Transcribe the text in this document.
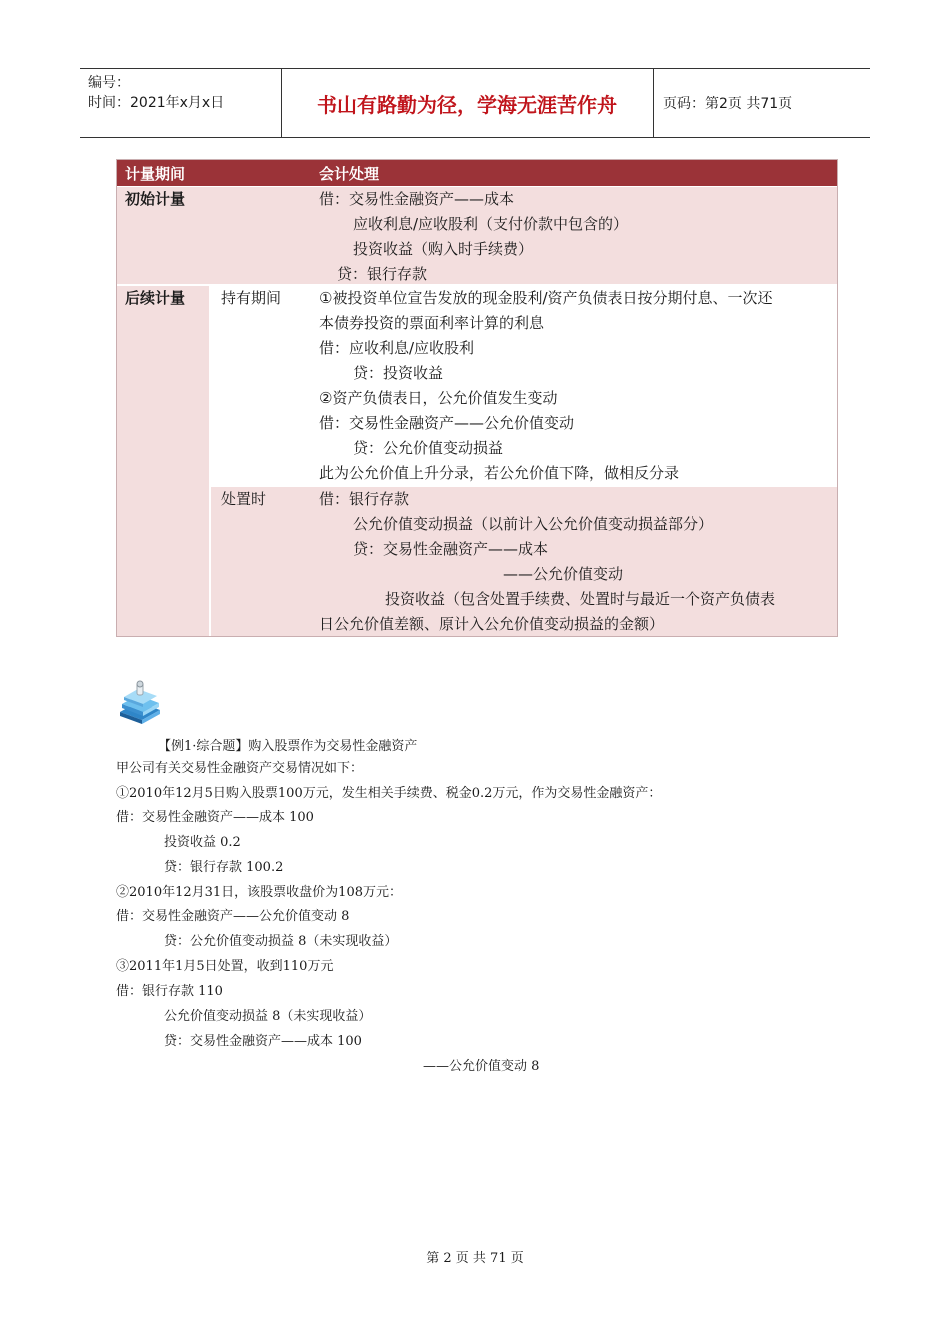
编号：
时间：2021年x月x日	书山有路勤为径，学海无涯苦作舟	页码：第2页 共71页
计量期间	会计处理
初始计量	借：交易性金融资产——成本
应收利息/应收股利（支付价款中包含的）
投资收益（购入时手续费）
贷：银行存款
后续计量 持有期间	①被投资单位宣告发放的现金股利/资产负债表日按分期付息、一次还
本债券投资的票面利率计算的利息
借：应收利息/应收股利
贷：投资收益
②资产负债表日，公允价值发生变动
借：交易性金融资产——公允价值变动
贷：公允价值变动损益
此为公允价值上升分录，若公允价值下降，做相反分录
处置时	借：银行存款
公允价值变动损益（以前计入公允价值变动损益部分）
贷：交易性金融资产——成本
——公允价值变动
投资收益（包含处置手续费、处置时与最近一个资产负债表
日公允价值差额、原计入公允价值变动损益的金额）
【例1·综合题】购入股票作为交易性金融资产
甲公司有关交易性金融资产交易情况如下：
①2010年12月5日购入股票100万元，发生相关手续费、税金0.2万元，作为交易性金融资产：
借：交易性金融资产——成本 100
投资收益 0.2
贷：银行存款 100.2
②2010年12月31日，该股票收盘价为108万元：
借：交易性金融资产——公允价值变动 8
贷：公允价值变动损益 8（未实现收益）
③2011年1月5日处置，收到110万元
借：银行存款 110
公允价值变动损益 8（未实现收益）
贷：交易性金融资产——成本 100
——公允价值变动 8
第 2 页 共 71 页
